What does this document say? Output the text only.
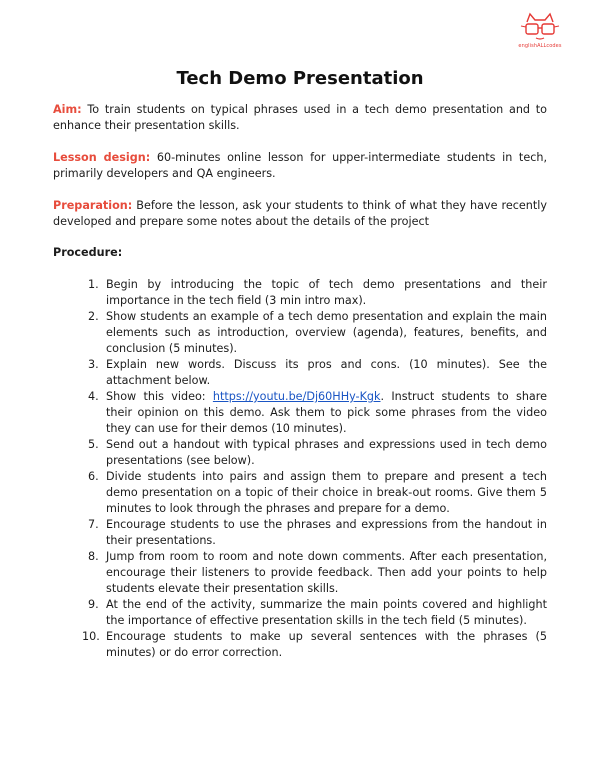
englishALLcodes
Tech Demo Presentation

Aim: To train students on typical phrases used in a tech demo presentation and to enhance their presentation skills.

Lesson design: 60-minutes online lesson for upper-intermediate students in tech, primarily developers and QA engineers.

Preparation: Before the lesson, ask your students to think of what they have recently developed and prepare some notes about the details of the project

Procedure:
1. Begin by introducing the topic of tech demo presentations and their importance in the tech field (3 min intro max).
2. Show students an example of a tech demo presentation and explain the main elements such as introduction, overview (agenda), features, benefits, and conclusion (5 minutes).
3. Explain new words. Discuss its pros and cons. (10 minutes). See the attachment below.
4. Show this video: https://youtu.be/Dj60HHy-Kgk. Instruct students to share their opinion on this demo. Ask them to pick some phrases from the video they can use for their demos (10 minutes).
5. Send out a handout with typical phrases and expressions used in tech demo presentations (see below).
6. Divide students into pairs and assign them to prepare and present a tech demo presentation on a topic of their choice in break-out rooms. Give them 5 minutes to look through the phrases and prepare for a demo.
7. Encourage students to use the phrases and expressions from the handout in their presentations.
8. Jump from room to room and note down comments. After each presentation, encourage their listeners to provide feedback. Then add your points to help students elevate their presentation skills.
9. At the end of the activity, summarize the main points covered and highlight the importance of effective presentation skills in the tech field (5 minutes).
10. Encourage students to make up several sentences with the phrases (5 minutes) or do error correction.
